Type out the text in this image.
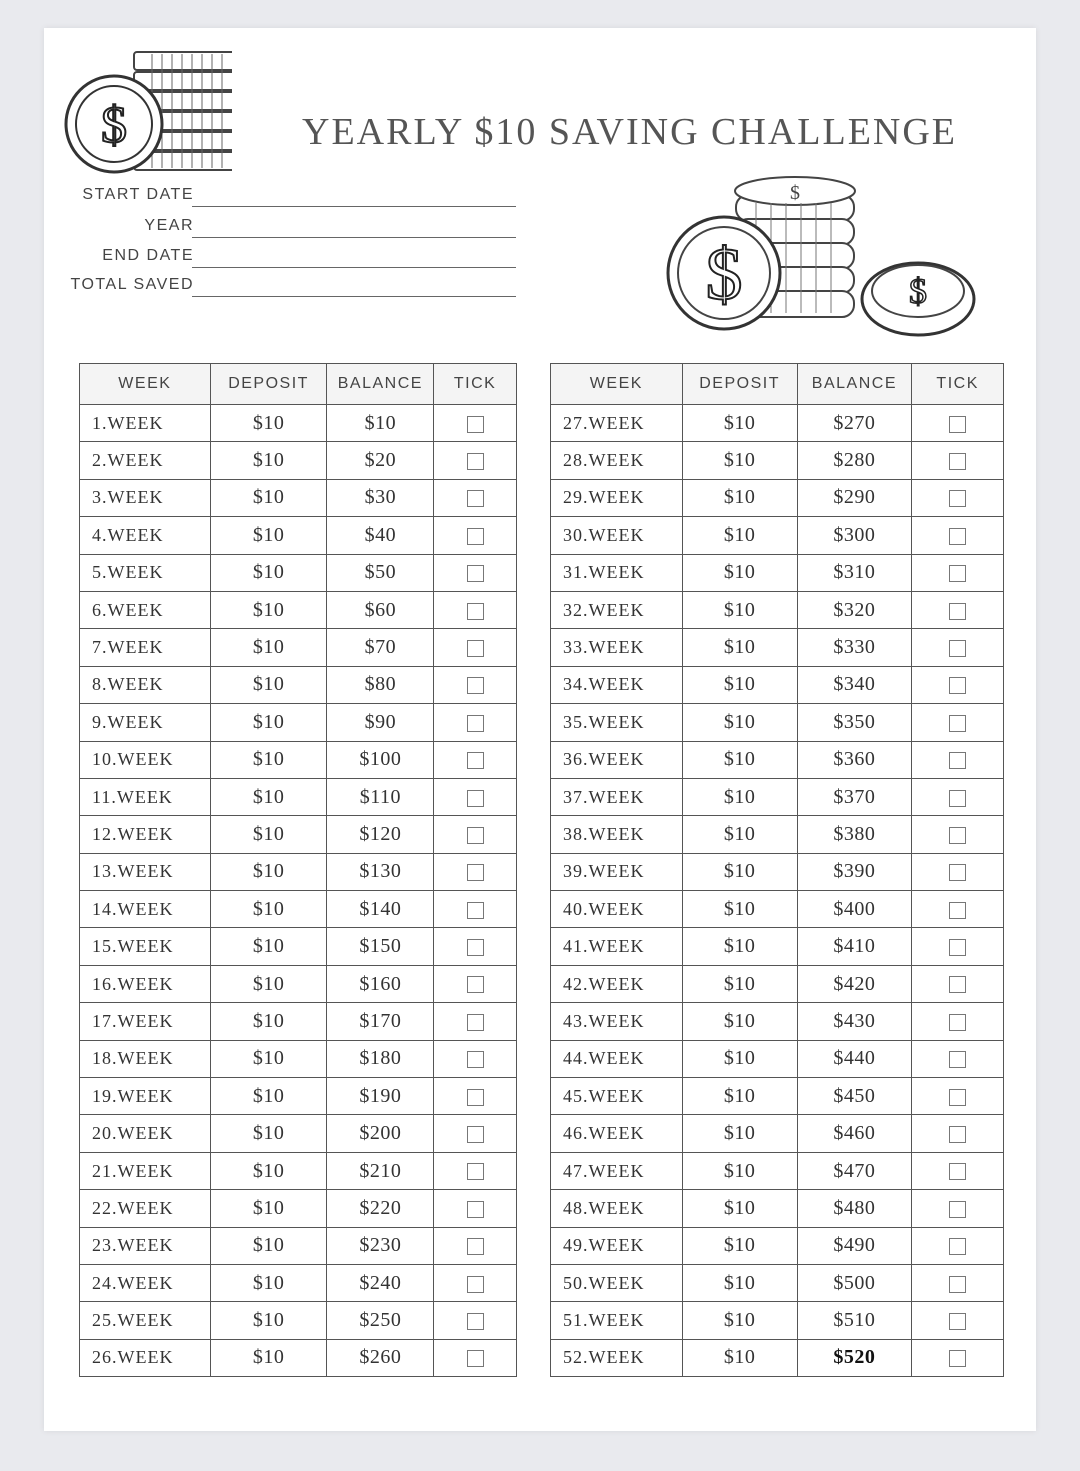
$	YEARLY $10 SAVING CHALLENGE
$
$	$
START DATE
YEAR
END DATE
TOTAL SAVED
WEEK	DEPOSIT	BALANCE	TICK
1.WEEK	$10	$10	
2.WEEK	$10	$20	
3.WEEK	$10	$30	
4.WEEK	$10	$40	
5.WEEK	$10	$50	
6.WEEK	$10	$60	
7.WEEK	$10	$70	
8.WEEK	$10	$80	
9.WEEK	$10	$90	
10.WEEK	$10	$100	
11.WEEK	$10	$110	
12.WEEK	$10	$120	
13.WEEK	$10	$130	
14.WEEK	$10	$140	
15.WEEK	$10	$150	
16.WEEK	$10	$160	
17.WEEK	$10	$170	
18.WEEK	$10	$180	
19.WEEK	$10	$190	
20.WEEK	$10	$200	
21.WEEK	$10	$210	
22.WEEK	$10	$220	
23.WEEK	$10	$230	
24.WEEK	$10	$240	
25.WEEK	$10	$250	
26.WEEK	$10	$260	
WEEK	DEPOSIT	BALANCE	TICK
27.WEEK	$10	$270	
28.WEEK	$10	$280	
29.WEEK	$10	$290	
30.WEEK	$10	$300	
31.WEEK	$10	$310	
32.WEEK	$10	$320	
33.WEEK	$10	$330	
34.WEEK	$10	$340	
35.WEEK	$10	$350	
36.WEEK	$10	$360	
37.WEEK	$10	$370	
38.WEEK	$10	$380	
39.WEEK	$10	$390	
40.WEEK	$10	$400	
41.WEEK	$10	$410	
42.WEEK	$10	$420	
43.WEEK	$10	$430	
44.WEEK	$10	$440	
45.WEEK	$10	$450	
46.WEEK	$10	$460	
47.WEEK	$10	$470	
48.WEEK	$10	$480	
49.WEEK	$10	$490	
50.WEEK	$10	$500	
51.WEEK	$10	$510	
52.WEEK	$10	$520	
